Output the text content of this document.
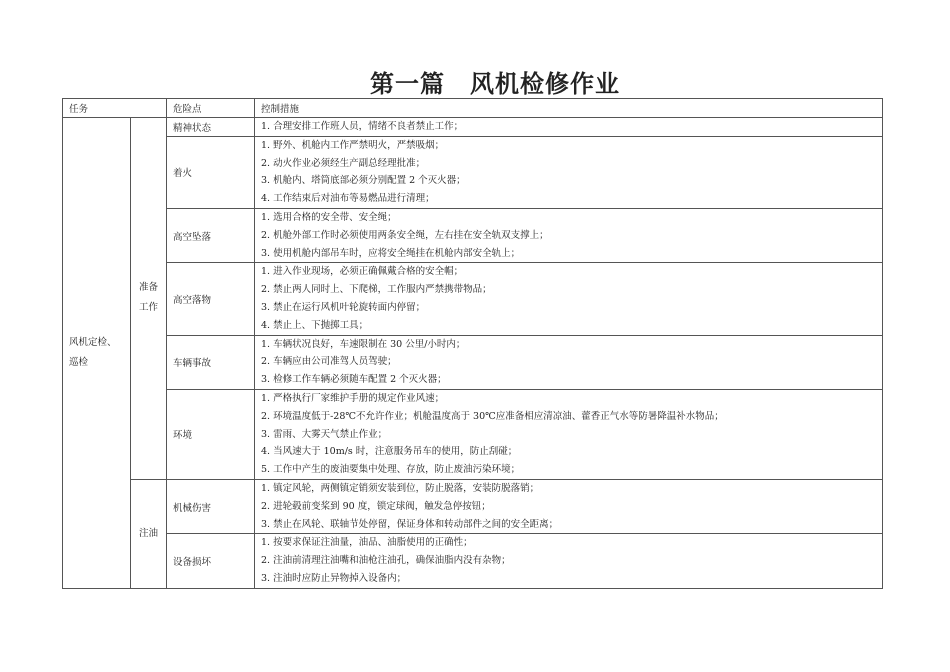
第一篇　风机检修作业
任务		危险点	控制措施
风机定检、巡检	准备工作	精神状态	1. 合理安排工作班人员，情绪不良者禁止工作；

		着火	1. 野外、机舱内工作严禁明火，严禁吸烟；
2. 动火作业必须经生产副总经理批准；
3. 机舱内、塔筒底部必须分别配置 2 个灭火器；
4. 工作结束后对油布等易燃品进行清理；

		高空坠落	1. 选用合格的安全带、安全绳；
2. 机舱外部工作时必须使用两条安全绳，左右挂在安全轨双支撑上；
3. 使用机舱内部吊车时，应将安全绳挂在机舱内部安全轨上；

		高空落物	1. 进入作业现场，必须正确佩戴合格的安全帽；
2. 禁止两人同时上、下爬梯，工作服内严禁携带物品；
3. 禁止在运行风机叶轮旋转面内停留；
4. 禁止上、下抛掷工具；

		车辆事故	1. 车辆状况良好，车速限制在 30 公里/小时内；
2. 车辆应由公司准驾人员驾驶；
3. 检修工作车辆必须随车配置 2 个灭火器；

		环境	1. 严格执行厂家维护手册的规定作业风速；
2. 环境温度低于-28℃不允许作业；机舱温度高于 30℃应准备相应清凉油、藿香正气水等防暑降温补水物品；
3. 雷雨、大雾天气禁止作业；
4. 当风速大于 10m/s 时，注意服务吊车的使用，防止刮碰；
5. 工作中产生的废油要集中处理、存放，防止废油污染环境；

	注油	机械伤害	1. 镇定风轮，两侧镇定销须安装到位，防止脱落，安装防脱落销；
2. 进轮毂前变桨到 90 度，锁定球阀，触发急停按钮；
3. 禁止在风轮、联轴节处停留，保证身体和转动部件之间的安全距离；

		设备损坏	1. 按要求保证注油量，油品、油脂使用的正确性；
2. 注油前清理注油嘴和油枪注油孔，确保油脂内没有杂物；
3. 注油时应防止异物掉入设备内；
